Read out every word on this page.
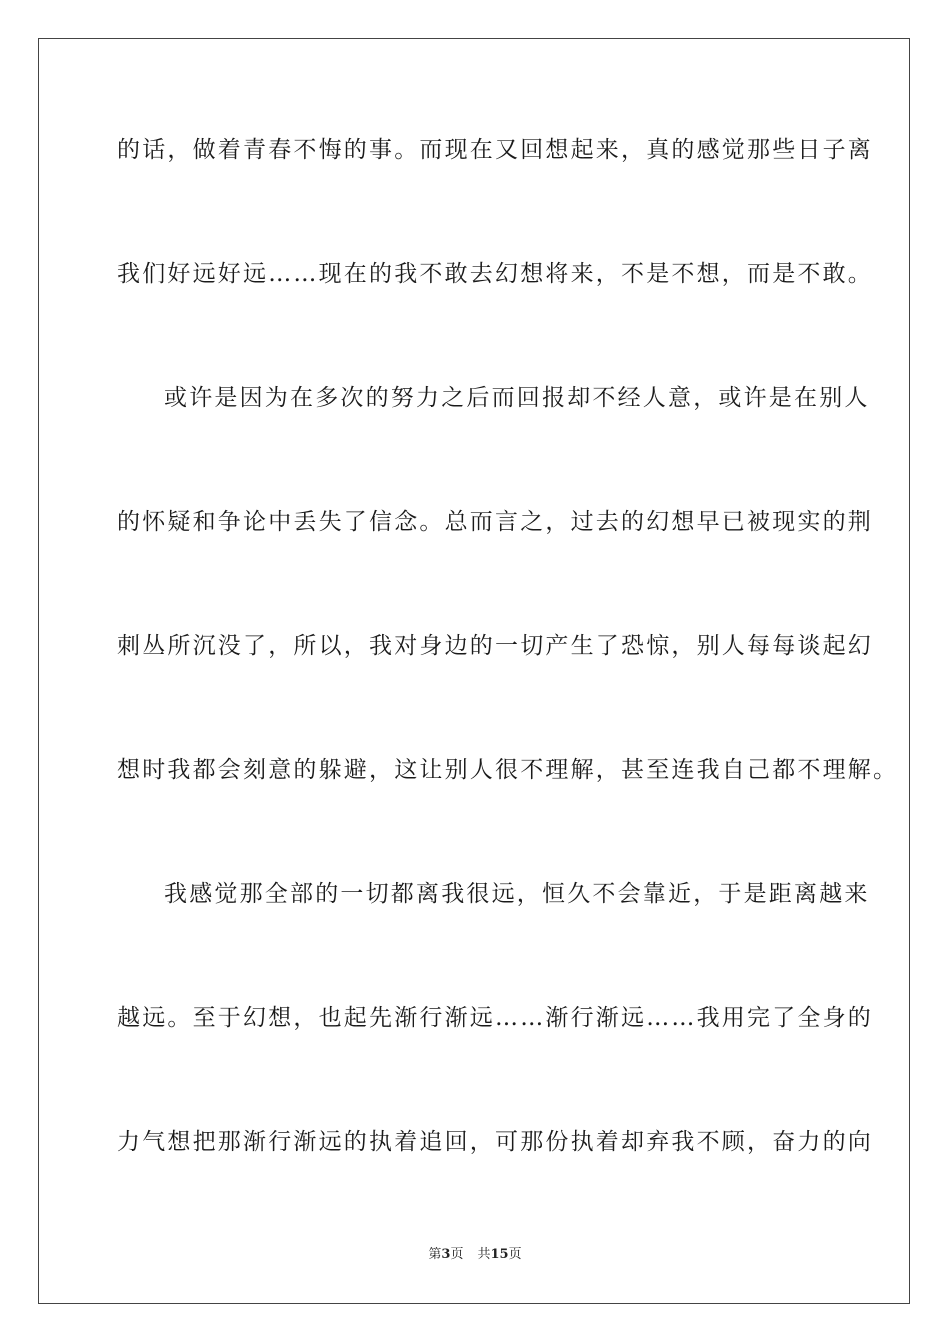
的话，做着青春不悔的事。而现在又回想起来，真的感觉那些日子离
我们好远好远……现在的我不敢去幻想将来，不是不想，而是不敢。
或许是因为在多次的努力之后而回报却不经人意，或许是在别人
的怀疑和争论中丢失了信念。总而言之，过去的幻想早已被现实的荆
刺丛所沉没了，所以，我对身边的一切产生了恐惊，别人每每谈起幻
想时我都会刻意的躲避，这让别人很不理解，甚至连我自己都不理解。
我感觉那全部的一切都离我很远，恒久不会靠近，于是距离越来
越远。至于幻想，也起先渐行渐远……渐行渐远……我用完了全身的
力气想把那渐行渐远的执着追回，可那份执着却弃我不顾，奋力的向
第3页 共15页
